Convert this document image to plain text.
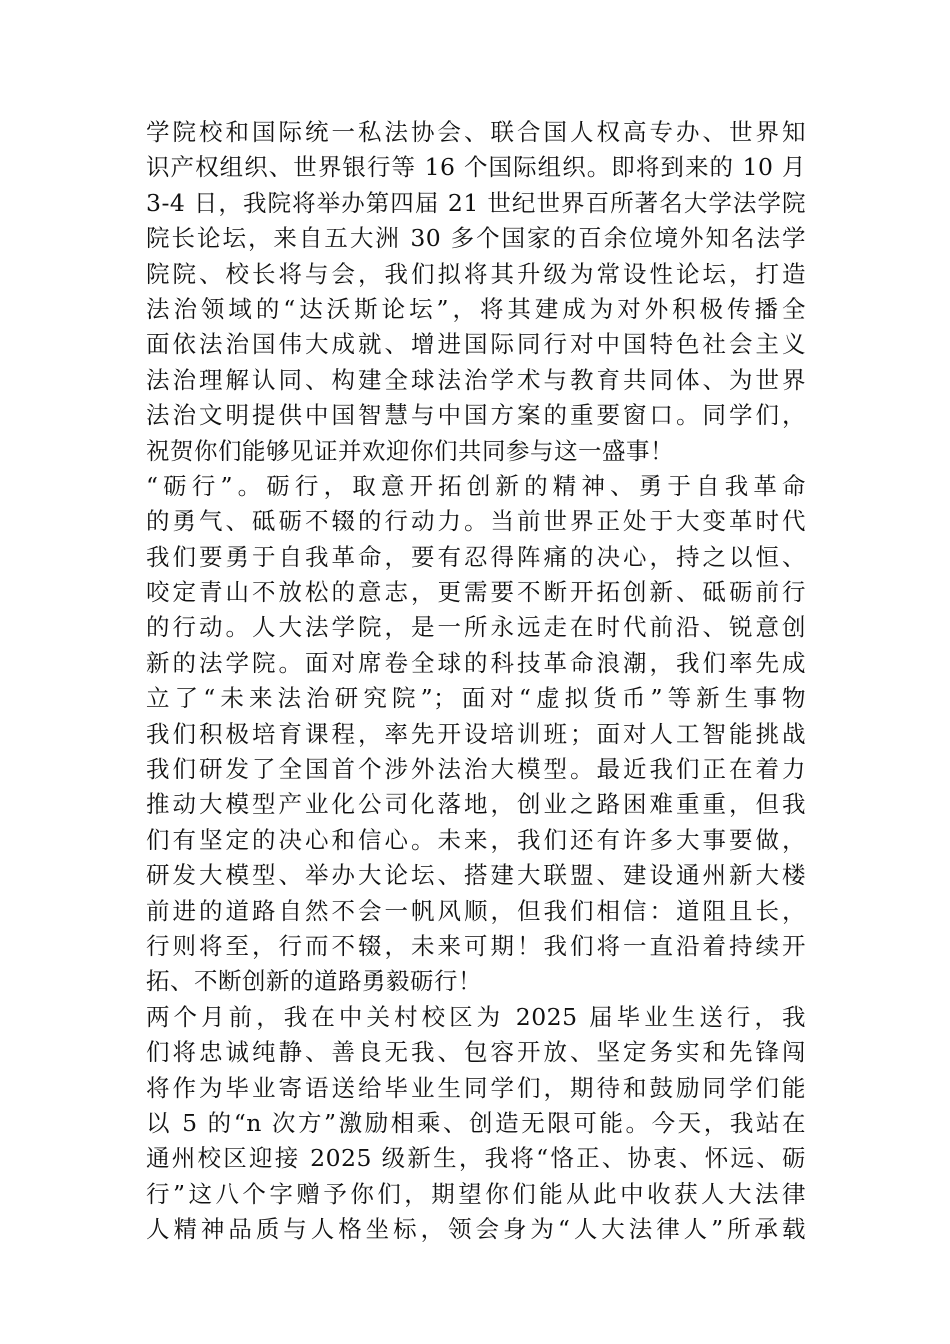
学院校和国际统一私法协会、联合国人权高专办、世界知
识产权组织、世界银行等 16 个国际组织。即将到来的 10 月
3-4 日，我院将举办第四届 21 世纪世界百所著名大学法学院
院长论坛，来自五大洲 30 多个国家的百余位境外知名法学
院院、校长将与会，我们拟将其升级为常设性论坛，打造
法治领域的“达沃斯论坛”，将其建成为对外积极传播全
面依法治国伟大成就、增进国际同行对中国特色社会主义
法治理解认同、构建全球法治学术与教育共同体、为世界
法治文明提供中国智慧与中国方案的重要窗口。同学们，
祝贺你们能够见证并欢迎你们共同参与这一盛事！
“砺行”。砺行，取意开拓创新的精神、勇于自我革命
的勇气、砥砺不辍的行动力。当前世界正处于大变革时代
我们要勇于自我革命，要有忍得阵痛的决心，持之以恒、
咬定青山不放松的意志，更需要不断开拓创新、砥砺前行
的行动。人大法学院，是一所永远走在时代前沿、锐意创
新的法学院。面对席卷全球的科技革命浪潮，我们率先成
立了“未来法治研究院”；面对“虚拟货币”等新生事物
我们积极培育课程，率先开设培训班；面对人工智能挑战
我们研发了全国首个涉外法治大模型。最近我们正在着力
推动大模型产业化公司化落地，创业之路困难重重，但我
们有坚定的决心和信心。未来，我们还有许多大事要做，
研发大模型、举办大论坛、搭建大联盟、建设通州新大楼
前进的道路自然不会一帆风顺，但我们相信：道阻且长，
行则将至，行而不辍，未来可期！我们将一直沿着持续开
拓、不断创新的道路勇毅砺行！
两个月前，我在中关村校区为 2025 届毕业生送行，我
们将忠诚纯静、善良无我、包容开放、坚定务实和先锋闯
将作为毕业寄语送给毕业生同学们，期待和鼓励同学们能
以 5 的“n 次方”激励相乘、创造无限可能。今天，我站在
通州校区迎接 2025 级新生，我将“恪正、协衷、怀远、砺
行”这八个字赠予你们，期望你们能从此中收获人大法律
人精神品质与人格坐标，领会身为“人大法律人”所承载
